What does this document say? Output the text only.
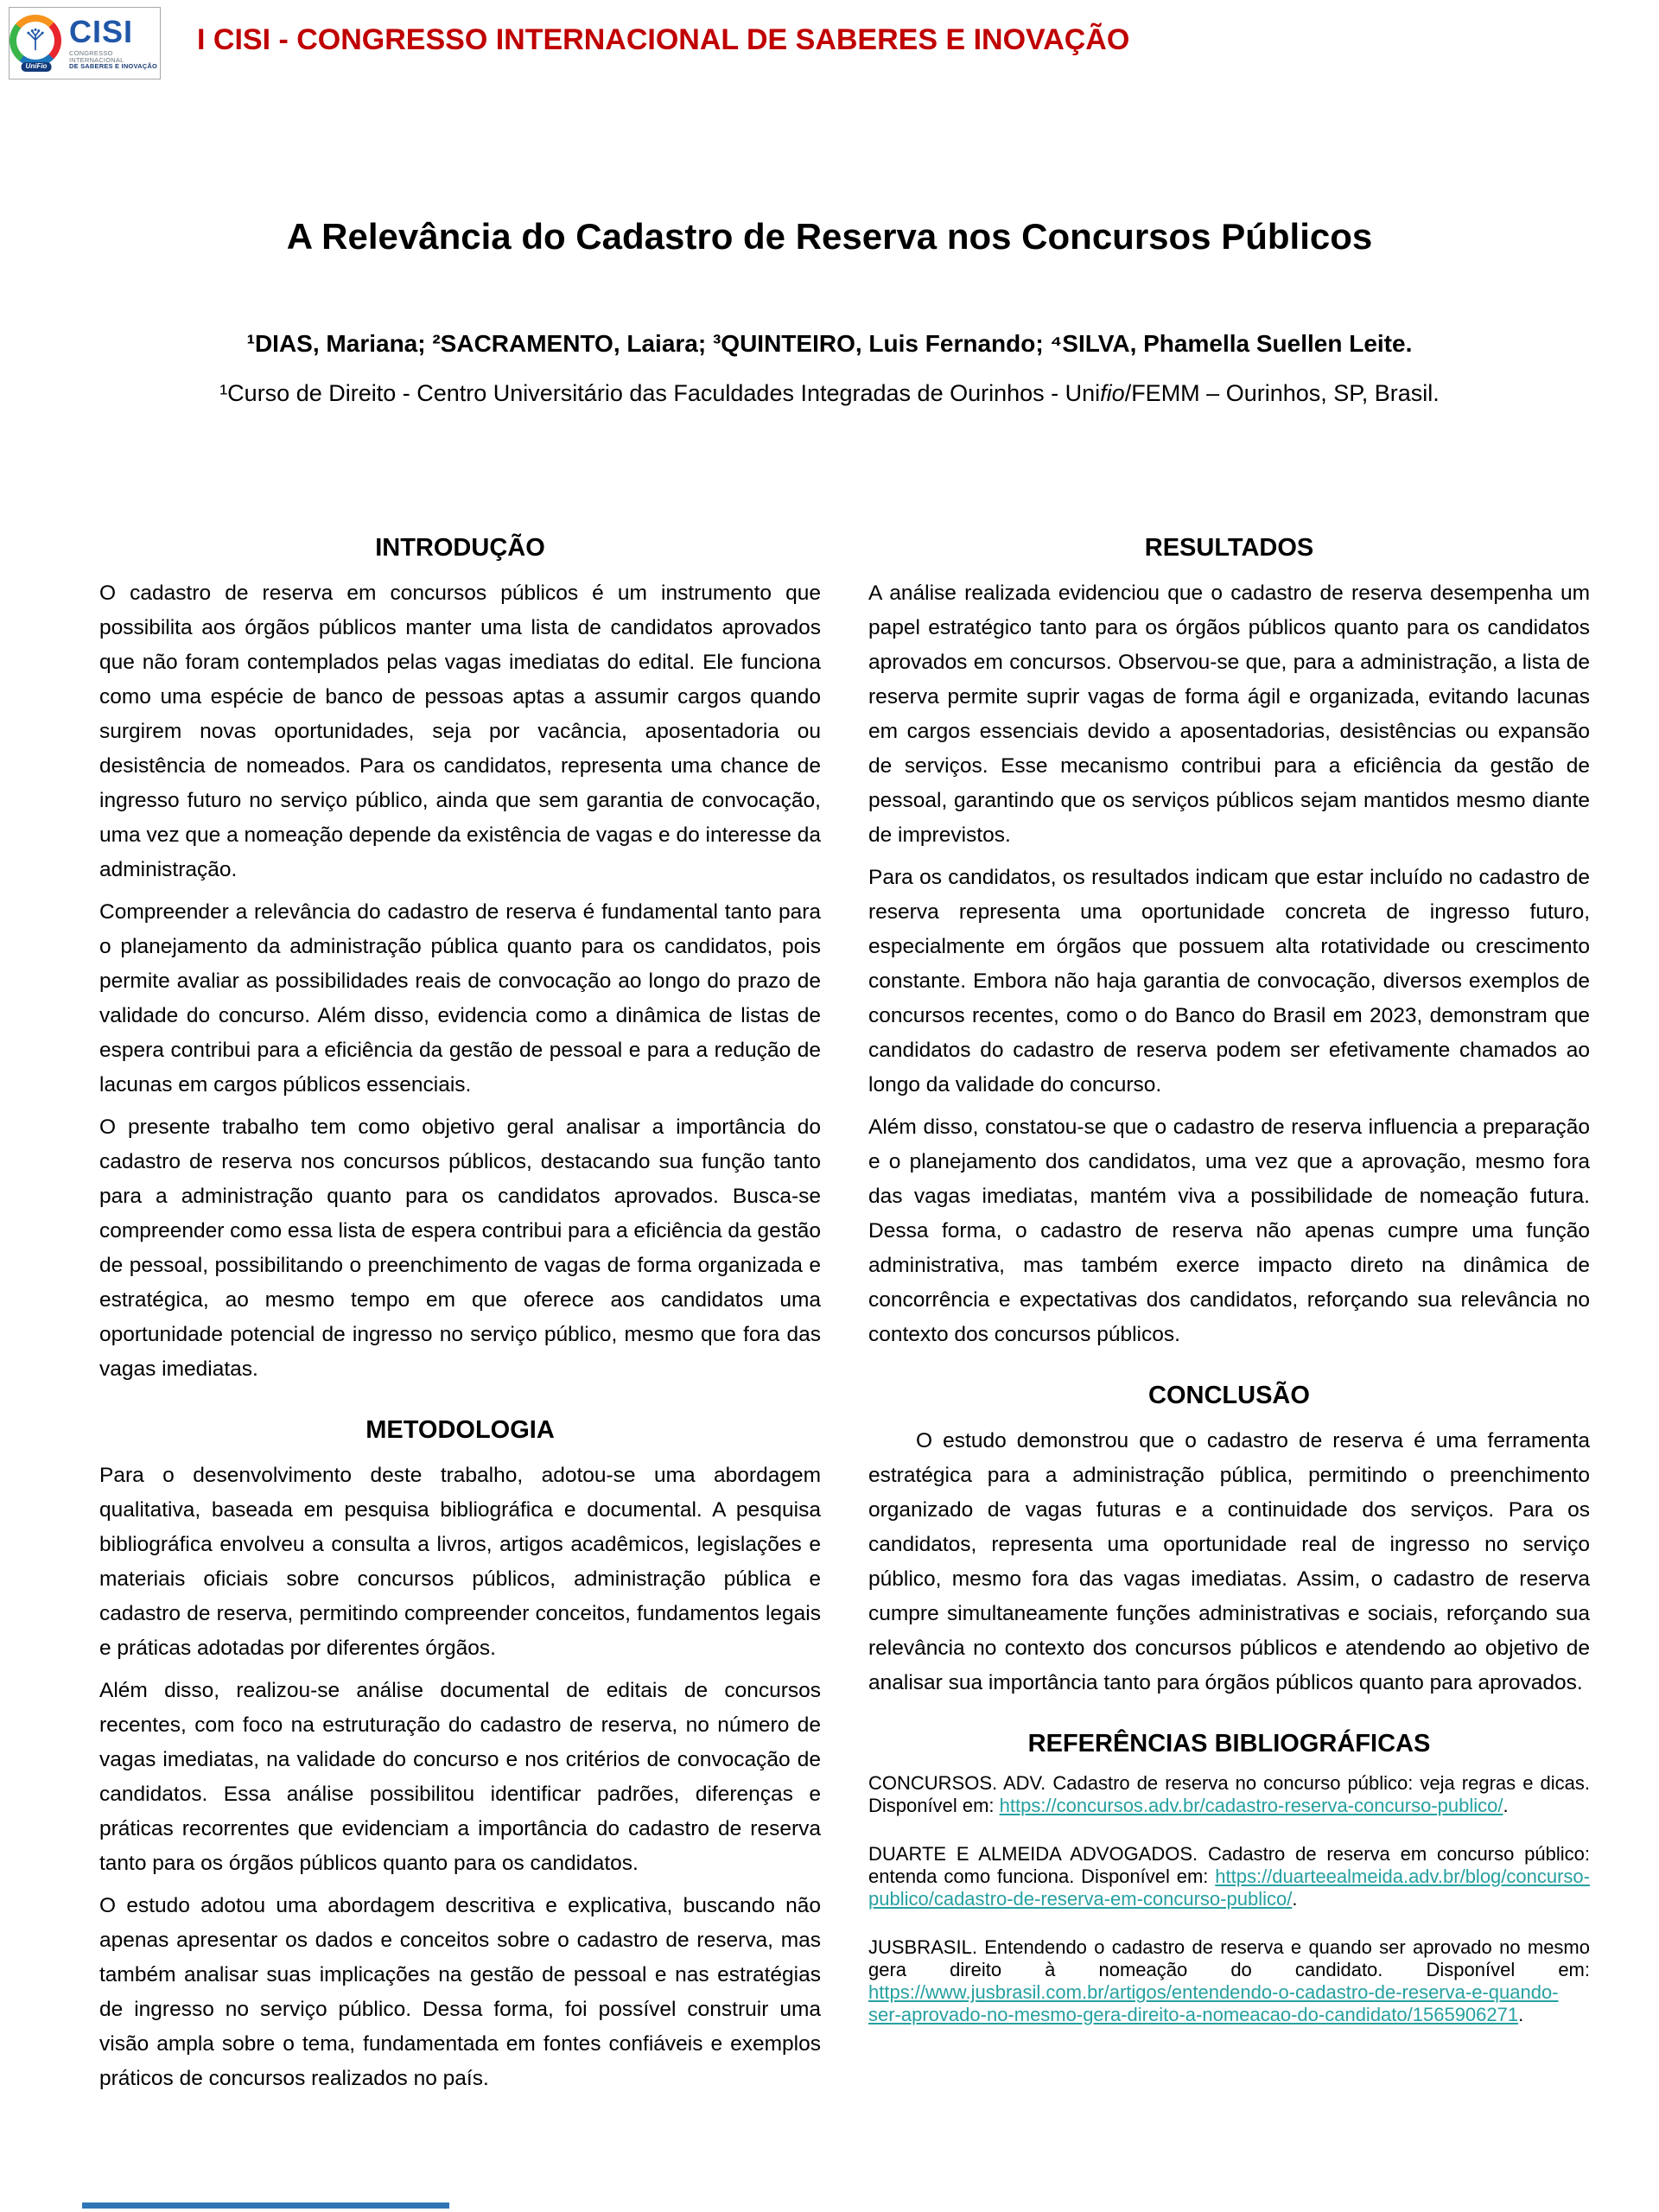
UniFio
CISI
CONGRESSO INTERNACIONAL
DE SABERES E INOVAÇÃO
I CISI - CONGRESSO INTERNACIONAL DE SABERES E INOVAÇÃO
A Relevância do Cadastro de Reserva nos Concursos Públicos
¹DIAS, Mariana; ²SACRAMENTO, Laiara; ³QUINTEIRO, Luis Fernando; ⁴SILVA, Phamella Suellen Leite.
¹Curso de Direito - Centro Universitário das Faculdades Integradas de Ourinhos - Unifio/FEMM – Ourinhos, SP, Brasil.
INTRODUÇÃO

O cadastro de reserva em concursos públicos é um instrumento que possibilita aos órgãos públicos manter uma lista de candidatos aprovados que não foram contemplados pelas vagas imediatas do edital. Ele funciona como uma espécie de banco de pessoas aptas a assumir cargos quando surgirem novas oportunidades, seja por vacância, aposentadoria ou desistência de nomeados. Para os candidatos, representa uma chance de ingresso futuro no serviço público, ainda que sem garantia de convocação, uma vez que a nomeação depende da existência de vagas e do interesse da administração.

Compreender a relevância do cadastro de reserva é fundamental tanto para o planejamento da administração pública quanto para os candidatos, pois permite avaliar as possibilidades reais de convocação ao longo do prazo de validade do concurso. Além disso, evidencia como a dinâmica de listas de espera contribui para a eficiência da gestão de pessoal e para a redução de lacunas em cargos públicos essenciais.

O presente trabalho tem como objetivo geral analisar a importância do cadastro de reserva nos concursos públicos, destacando sua função tanto para a administração quanto para os candidatos aprovados. Busca-se compreender como essa lista de espera contribui para a eficiência da gestão de pessoal, possibilitando o preenchimento de vagas de forma organizada e estratégica, ao mesmo tempo em que oferece aos candidatos uma oportunidade potencial de ingresso no serviço público, mesmo que fora das vagas imediatas.

METODOLOGIA

Para o desenvolvimento deste trabalho, adotou-se uma abordagem qualitativa, baseada em pesquisa bibliográfica e documental. A pesquisa bibliográfica envolveu a consulta a livros, artigos acadêmicos, legislações e materiais oficiais sobre concursos públicos, administração pública e cadastro de reserva, permitindo compreender conceitos, fundamentos legais e práticas adotadas por diferentes órgãos.

Além disso, realizou-se análise documental de editais de concursos recentes, com foco na estruturação do cadastro de reserva, no número de vagas imediatas, na validade do concurso e nos critérios de convocação de candidatos. Essa análise possibilitou identificar padrões, diferenças e práticas recorrentes que evidenciam a importância do cadastro de reserva tanto para os órgãos públicos quanto para os candidatos.

O estudo adotou uma abordagem descritiva e explicativa, buscando não apenas apresentar os dados e conceitos sobre o cadastro de reserva, mas também analisar suas implicações na gestão de pessoal e nas estratégias de ingresso no serviço público. Dessa forma, foi possível construir uma visão ampla sobre o tema, fundamentada em fontes confiáveis e exemplos práticos de concursos realizados no país.

RESULTADOS

A análise realizada evidenciou que o cadastro de reserva desempenha um papel estratégico tanto para os órgãos públicos quanto para os candidatos aprovados em concursos. Observou-se que, para a administração, a lista de reserva permite suprir vagas de forma ágil e organizada, evitando lacunas em cargos essenciais devido a aposentadorias, desistências ou expansão de serviços. Esse mecanismo contribui para a eficiência da gestão de pessoal, garantindo que os serviços públicos sejam mantidos mesmo diante de imprevistos.

Para os candidatos, os resultados indicam que estar incluído no cadastro de reserva representa uma oportunidade concreta de ingresso futuro, especialmente em órgãos que possuem alta rotatividade ou crescimento constante. Embora não haja garantia de convocação, diversos exemplos de concursos recentes, como o do Banco do Brasil em 2023, demonstram que candidatos do cadastro de reserva podem ser efetivamente chamados ao longo da validade do concurso.

Além disso, constatou-se que o cadastro de reserva influencia a preparação e o planejamento dos candidatos, uma vez que a aprovação, mesmo fora das vagas imediatas, mantém viva a possibilidade de nomeação futura. Dessa forma, o cadastro de reserva não apenas cumpre uma função administrativa, mas também exerce impacto direto na dinâmica de concorrência e expectativas dos candidatos, reforçando sua relevância no contexto dos concursos públicos.

CONCLUSÃO

O estudo demonstrou que o cadastro de reserva é uma ferramenta estratégica para a administração pública, permitindo o preenchimento organizado de vagas futuras e a continuidade dos serviços. Para os candidatos, representa uma oportunidade real de ingresso no serviço público, mesmo fora das vagas imediatas. Assim, o cadastro de reserva cumpre simultaneamente funções administrativas e sociais, reforçando sua relevância no contexto dos concursos públicos e atendendo ao objetivo de analisar sua importância tanto para órgãos públicos quanto para aprovados.

REFERÊNCIAS BIBLIOGRÁFICAS

CONCURSOS. ADV. Cadastro de reserva no concurso público: veja regras e dicas. Disponível em: https://concursos.adv.br/cadastro-reserva-concurso-publico/.

DUARTE E ALMEIDA ADVOGADOS. Cadastro de reserva em concurso público: entenda como funciona. Disponível em: https://duarteealmeida.adv.br/blog/concurso-publico/cadastro-de-reserva-em-concurso-publico/.

JUSBRASIL. Entendendo o cadastro de reserva e quando ser aprovado no mesmo gera direito à nomeação do candidato. Disponível em: https://www.jusbrasil.com.br/artigos/entendendo-o-cadastro-de-reserva-e-quando-ser-aprovado-no-mesmo-gera-direito-a-nomeacao-do-candidato/1565906271.
